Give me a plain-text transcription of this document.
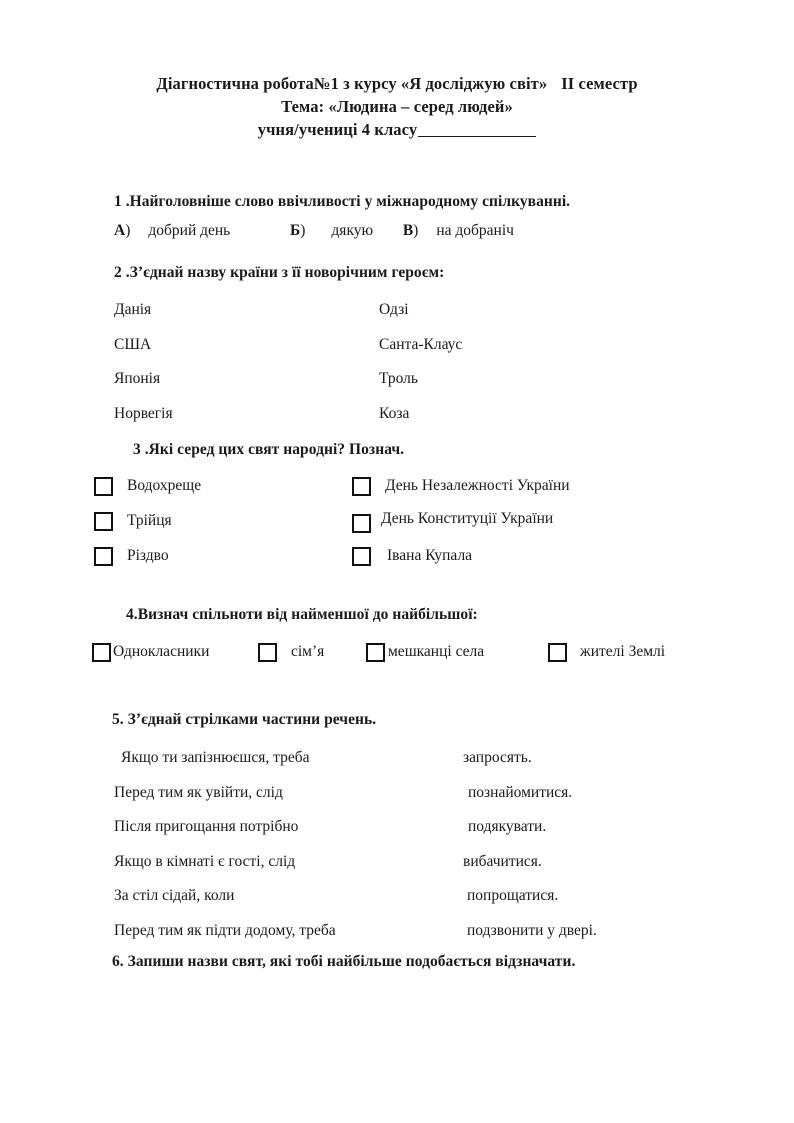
Діагностична робота№1 з курсу «Я досліджую світ» ІІ семестр
Тема: «Людина – серед людей»
учня/учениці 4 класу
1 .Найголовніше слово ввічливості у міжнародному спілкуванні.
А) добрий день	Б) дякую В) на добраніч
2 .З’єднай назву країни з її новорічним героєм:
Данія	Одзі
США	Санта-Клаус
Японія	Троль
Норвегія	Коза
3 .Які серед цих свят народні? Познач.
Водохреще
Трійця
Різдво
День Незалежності України
День Конституції України
Івана Купала
4.Визнач спільноти від найменшої до найбільшої:
Однокласники	сім’я	мешканці села	жителі Землі
5. З’єднай стрілками частини речень.
Якщо ти запізнюєшся, треба	запросять.
Перед тим як увійти, слід	познайомитися.
Після пригощання потрібно	подякувати.
Якщо в кімнаті є гості, слід	вибачитися.
За стіл сідай, коли	попрощатися.
Перед тим як підти додому, треба	подзвонити у двері.
6. Запиши назви свят, які тобі найбільше подобається відзначати.
